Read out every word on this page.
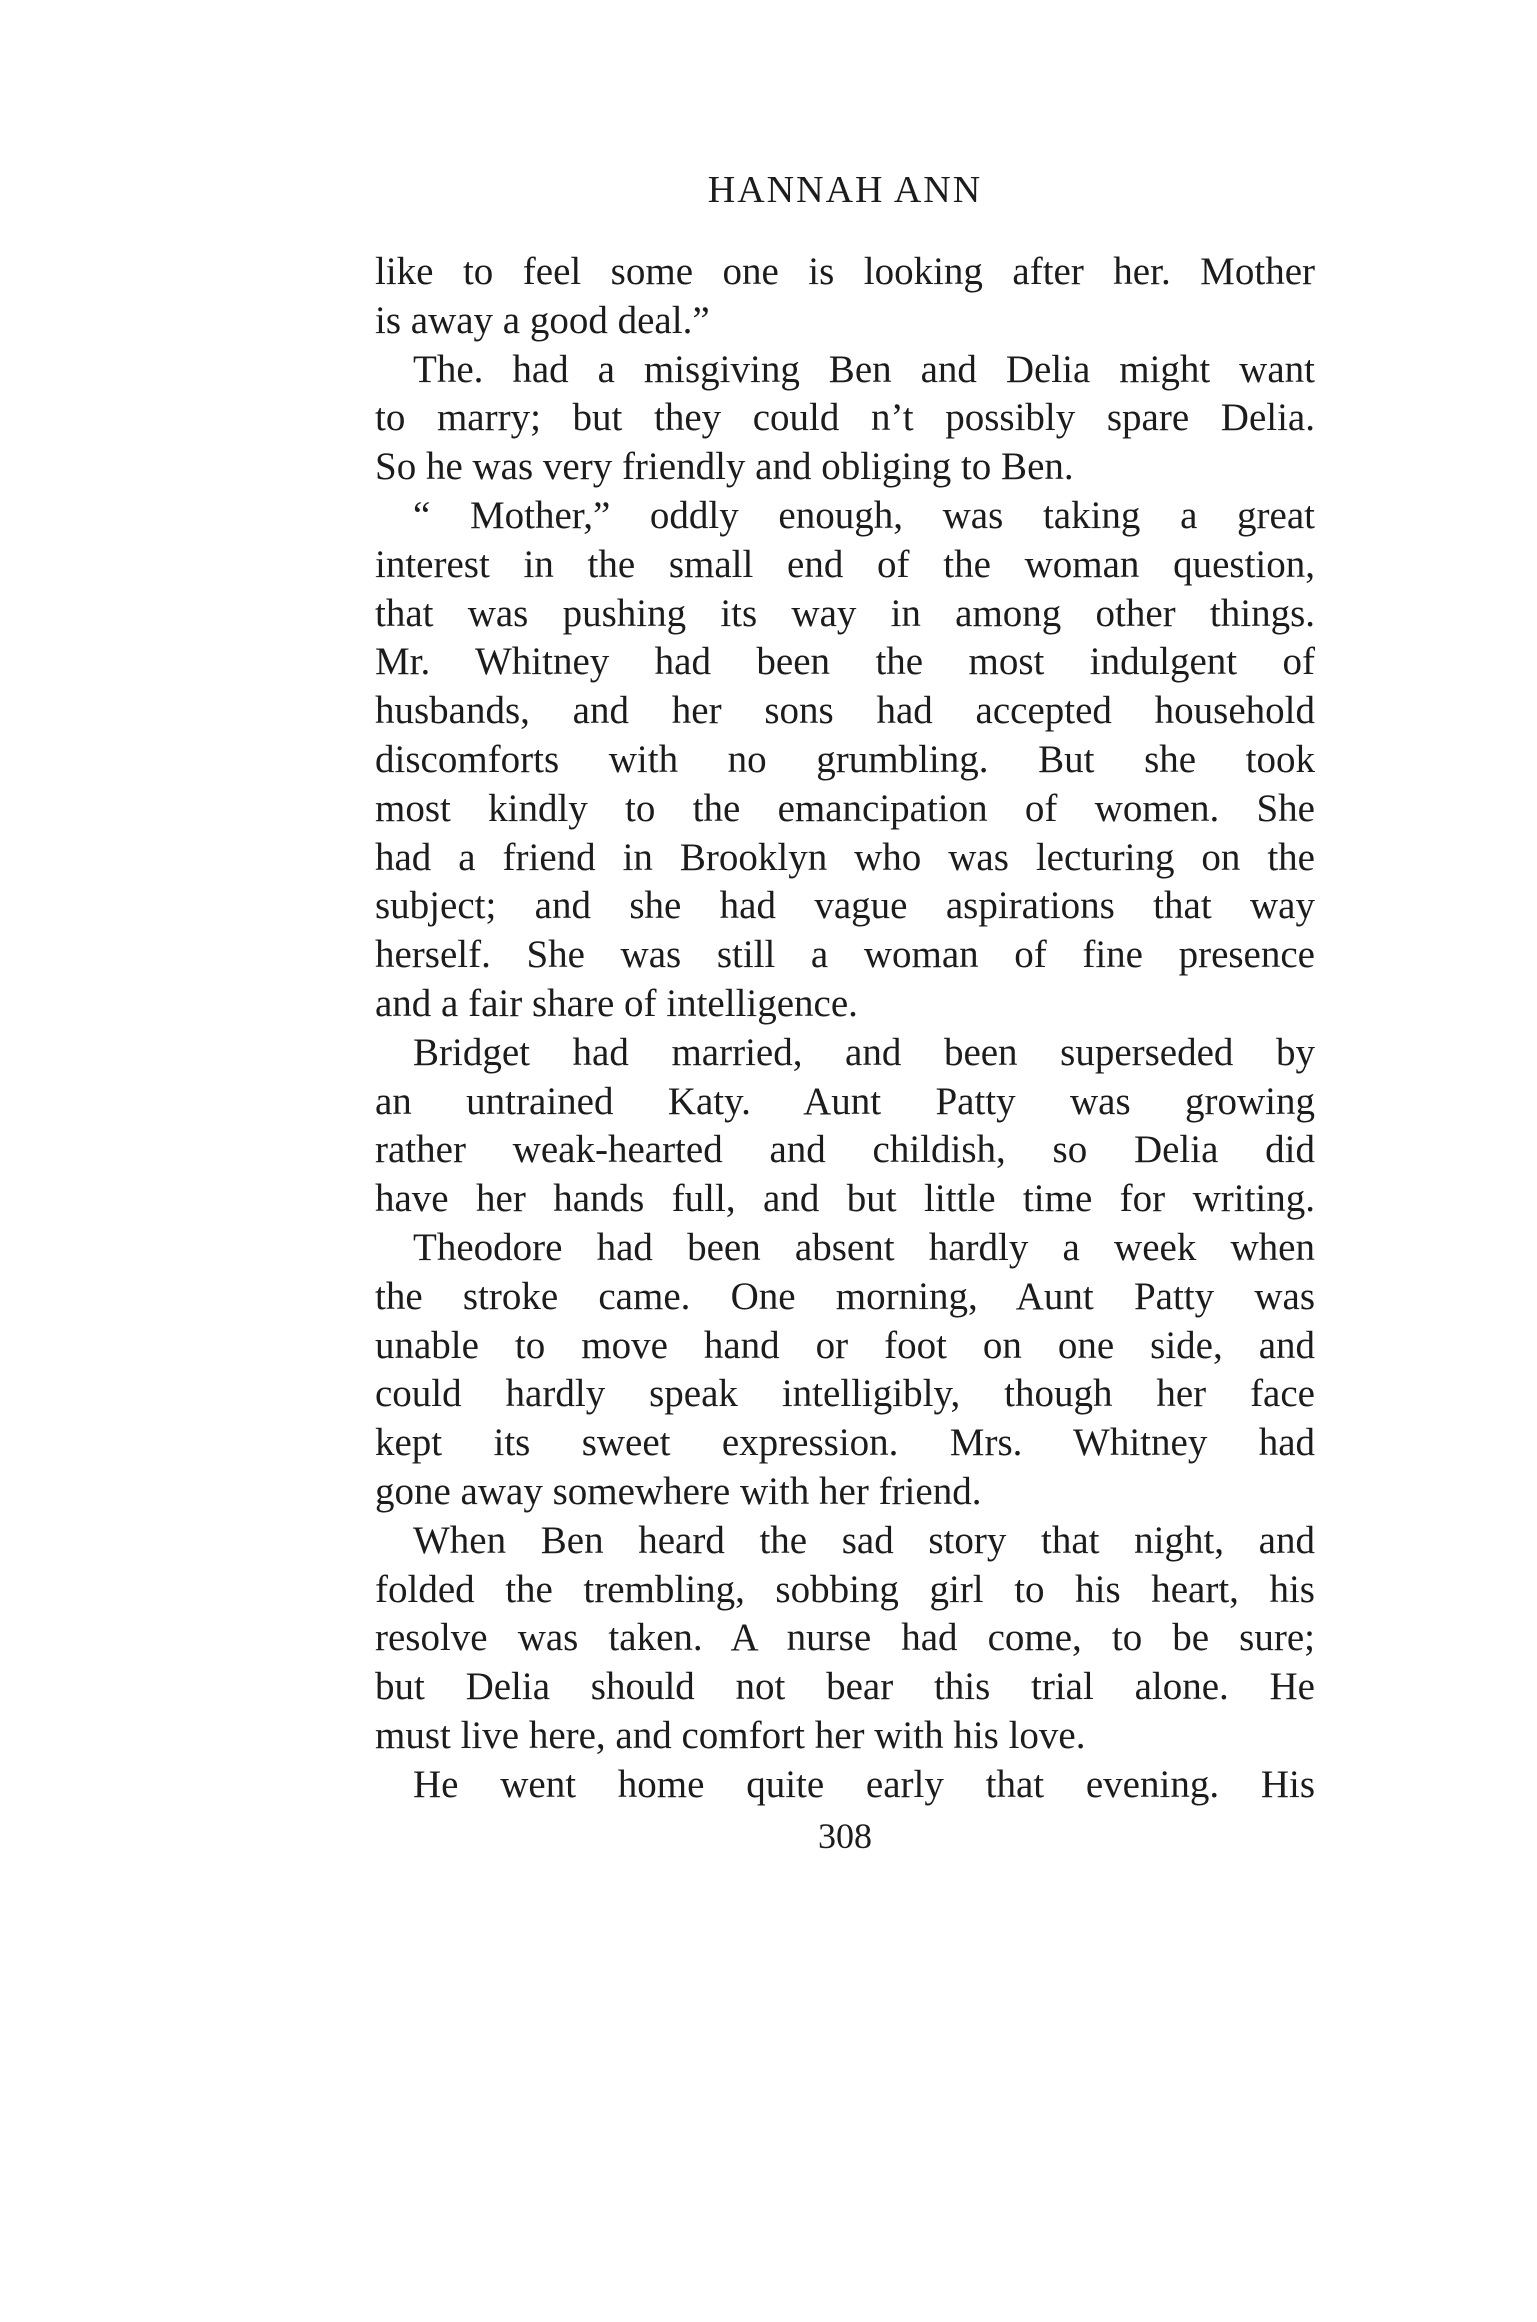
HANNAH ANN
like to feel some one is looking after her. Mother
is away a good deal.”
The. had a misgiving Ben and Delia might want
to marry; but they could n’t possibly spare Delia.
So he was very friendly and obliging to Ben.
“ Mother,” oddly enough, was taking a great
interest in the small end of the woman question,
that was pushing its way in among other things.
Mr. Whitney had been the most indulgent of
husbands, and her sons had accepted household
discomforts with no grumbling. But she took
most kindly to the emancipation of women. She
had a friend in Brooklyn who was lecturing on the
subject; and she had vague aspirations that way
herself. She was still a woman of fine presence
and a fair share of intelligence.
Bridget had married, and been superseded by
an untrained Katy. Aunt Patty was growing
rather weak-hearted and childish, so Delia did
have her hands full, and but little time for writing.
Theodore had been absent hardly a week when
the stroke came. One morning, Aunt Patty was
unable to move hand or foot on one side, and
could hardly speak intelligibly, though her face
kept its sweet expression. Mrs. Whitney had
gone away somewhere with her friend.
When Ben heard the sad story that night, and
folded the trembling, sobbing girl to his heart, his
resolve was taken. A nurse had come, to be sure;
but Delia should not bear this trial alone. He
must live here, and comfort her with his love.
He went home quite early that evening. His
308
